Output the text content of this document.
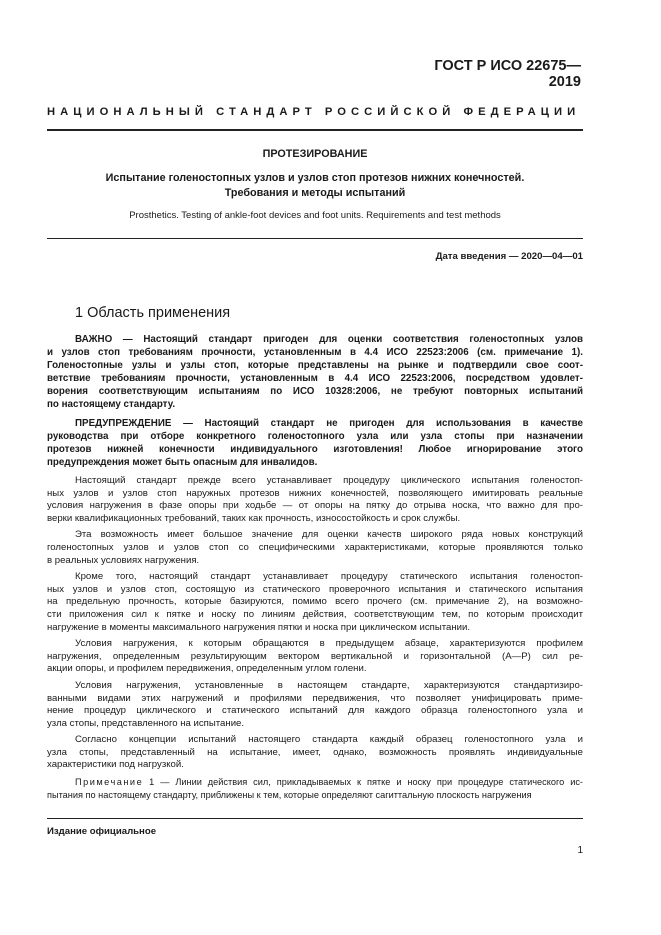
ГОСТ Р ИСО 22675—2019
НАЦИОНАЛЬНЫЙ СТАНДАРТ РОССИЙСКОЙ ФЕДЕРАЦИИ
ПРОТЕЗИРОВАНИЕ
Испытание голеностопных узлов и узлов стоп протезов нижних конечностей.
Требования и методы испытаний
Prosthetics. Testing of ankle-foot devices and foot units. Requirements and test methods
Дата введения — 2020—04—01
1 Область применения

ВАЖНО — Настоящий стандарт пригоден для оценки соответствия голеностопных узлов
и узлов стоп требованиям прочности, установленным в 4.4 ИСО 22523:2006 (см. примечание 1).
Голеностопные узлы и узлы стоп, которые представлены на рынке и подтвердили свое соот-
ветствие требованиям прочности, установленным в 4.4 ИСО 22523:2006, посредством удовлет-
ворения соответствующим испытаниям по ИСО 10328:2006, не требуют повторных испытаний
по настоящему стандарту.

ПРЕДУПРЕЖДЕНИЕ — Настоящий стандарт не пригоден для использования в качестве
руководства при отборе конкретного голеностопного узла или узла стопы при назначении
протезов нижней конечности индивидуального изготовления! Любое игнорирование этого
предупреждения может быть опасным для инвалидов.

Настоящий стандарт прежде всего устанавливает процедуру циклического испытания голеностоп-
ных узлов и узлов стоп наружных протезов нижних конечностей, позволяющего имитировать реальные
условия нагружения в фазе опоры при ходьбе — от опоры на пятку до отрыва носка, что важно для про-
верки квалификационных требований, таких как прочность, износостойкость и срок службы.

Эта возможность имеет большое значение для оценки качеств широкого ряда новых конструкций
голеностопных узлов и узлов стоп со специфическими характеристиками, которые проявляются только
в реальных условиях нагружения.

Кроме того, настоящий стандарт устанавливает процедуру статического испытания голеностоп-
ных узлов и узлов стоп, состоящую из статического проверочного испытания и статического испытания
на предельную прочность, которые базируются, помимо всего прочего (см. примечание 2), на возможно-
сти приложения сил к пятке и носку по линиям действия, соответствующим тем, по которым происходит
нагружение в моменты максимального нагружения пятки и носка при циклическом испытании.

Условия нагружения, к которым обращаются в предыдущем абзаце, характеризуются профилем
нагружения, определенным результирующим вектором вертикальной и горизонтальной (A—P) сил ре-
акции опоры, и профилем передвижения, определенным углом голени.

Условия нагружения, установленные в настоящем стандарте, характеризуются стандартизиро-
ванными видами этих нагружений и профилями передвижения, что позволяет унифицировать приме-
нение процедур циклического и статического испытаний для каждого образца голеностопного узла и
узла стопы, представленного на испытание.

Согласно концепции испытаний настоящего стандарта каждый образец голеностопного узла и
узла стопы, представленный на испытание, имеет, однако, возможность проявлять индивидуальные
характеристики под нагрузкой.

Примечание 1 — Линии действия сил, прикладываемых к пятке и носку при процедуре статического ис-
пытания по настоящему стандарту, приближены к тем, которые определяют сагиттальную плоскость нагружения

Издание официальное
1
